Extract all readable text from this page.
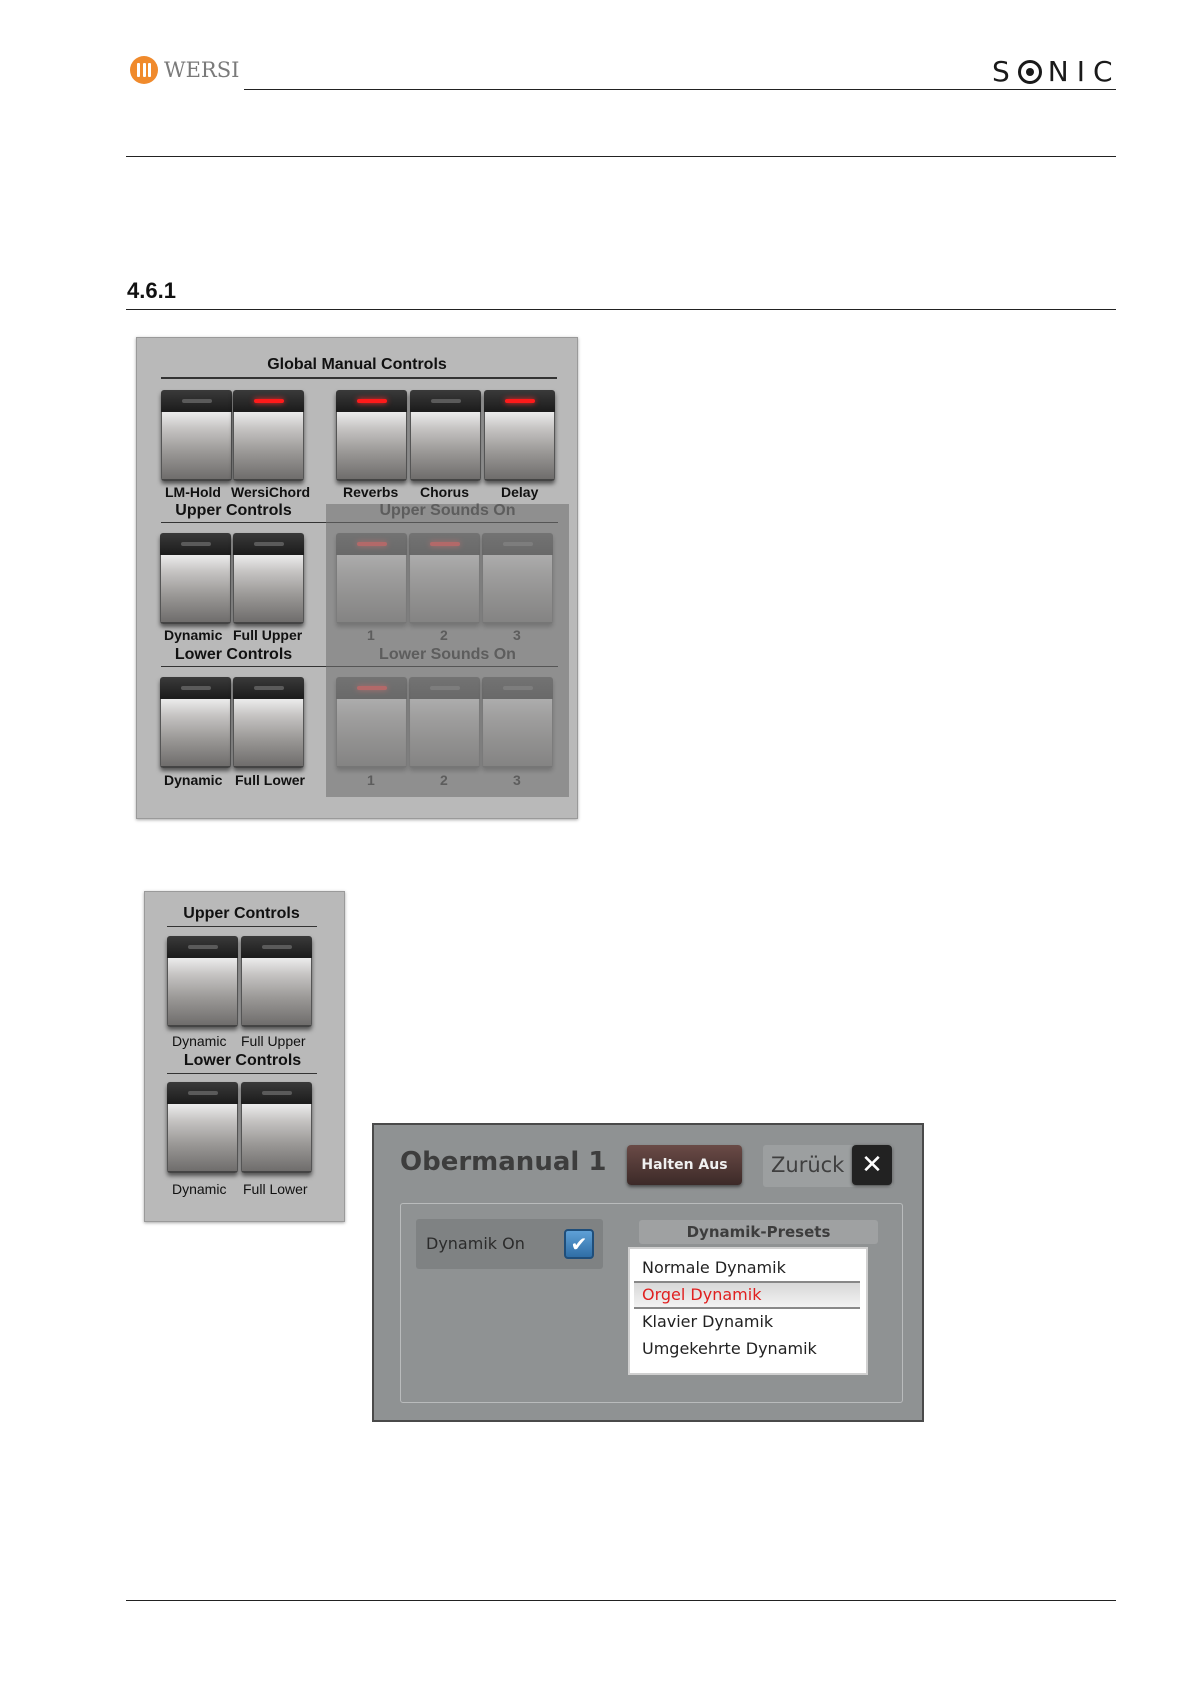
WERSI	S NIC
4.6.1
Global Manual Controls
LM-Hold WersiChord Reverbs Chorus Delay
Upper Controls	Upper Sounds On
Dynamic Full Upper	1	2	3
Lower Controls	Lower Sounds On
Dynamic Full Lower	1	2	3
Upper Controls
Dynamic Full Upper
Lower Controls
Dynamic Full Lower
Obermanual 1	Halten Aus	Zurück ✕
Dynamik On	✔	Dynamik-Presets
Normale Dynamik
Orgel Dynamik
Klavier Dynamik
Umgekehrte Dynamik
